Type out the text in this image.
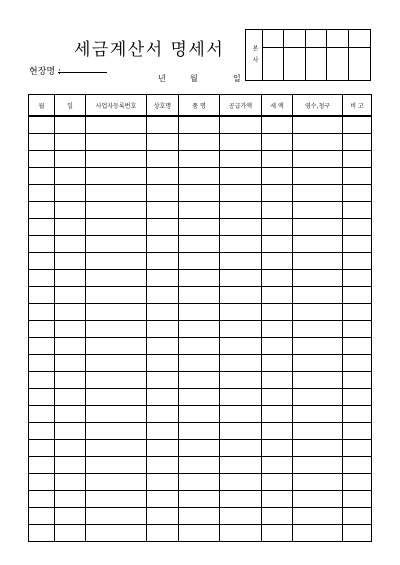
세금계산서 명세서
현장명 :
년	월	일
본 사
월	일	사업자등록번호	상호명	품 명	공급가액	세 액	영수,청구	비 고
